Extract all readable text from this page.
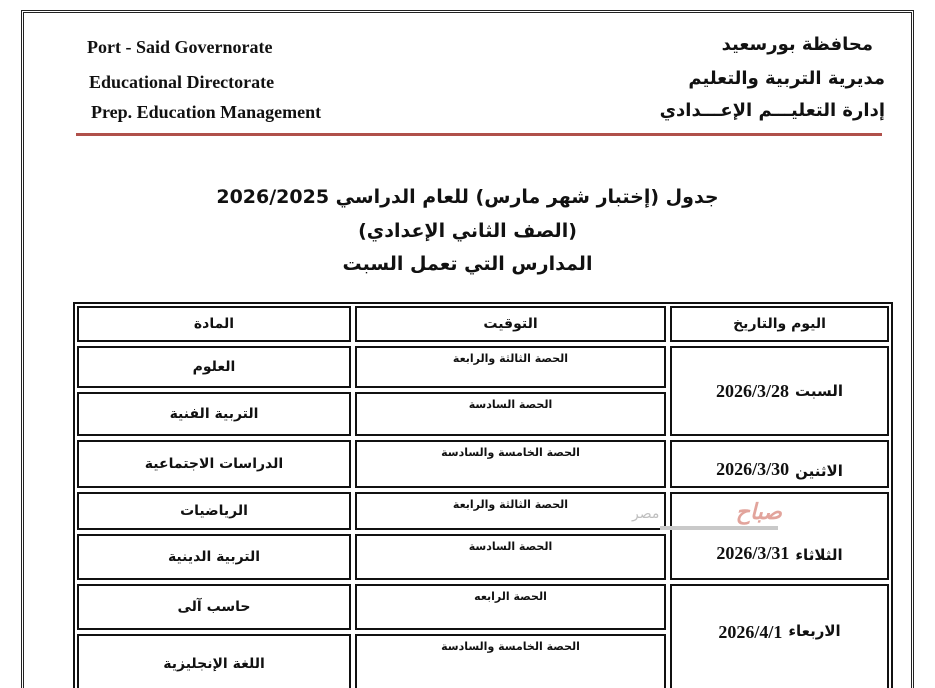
Port - Said Governorate
Educational Directorate
Prep. Education Management
محافظة بورسعيد
مديرية التربية والتعليم
إدارة التعليـــم الإعـــدادي
جدول (إختبار شهر مارس) للعام الدراسي 2026/2025
(الصف الثاني الإعدادي)
المدارس التي تعمل السبت
المادة	التوقيت	اليوم والتاريخ
السبت
2026/3/28
الاثنين
2026/3/30
الثلاثاء
2026/3/31
الاربعاء
2026/4/1
الحصة الثالثة والرابعة
الحصة السادسة
الحصة الخامسة والسادسة
الحصة الثالثة والرابعة
الحصة السادسة
الحصة الرابعه
الحصة الخامسة والسادسة
العلوم
التربية الفنية
الدراسات الاجتماعية
الرياضيات
التربية الدينية
حاسب آلى
اللغة الإنجليزية
صباح
مصر
